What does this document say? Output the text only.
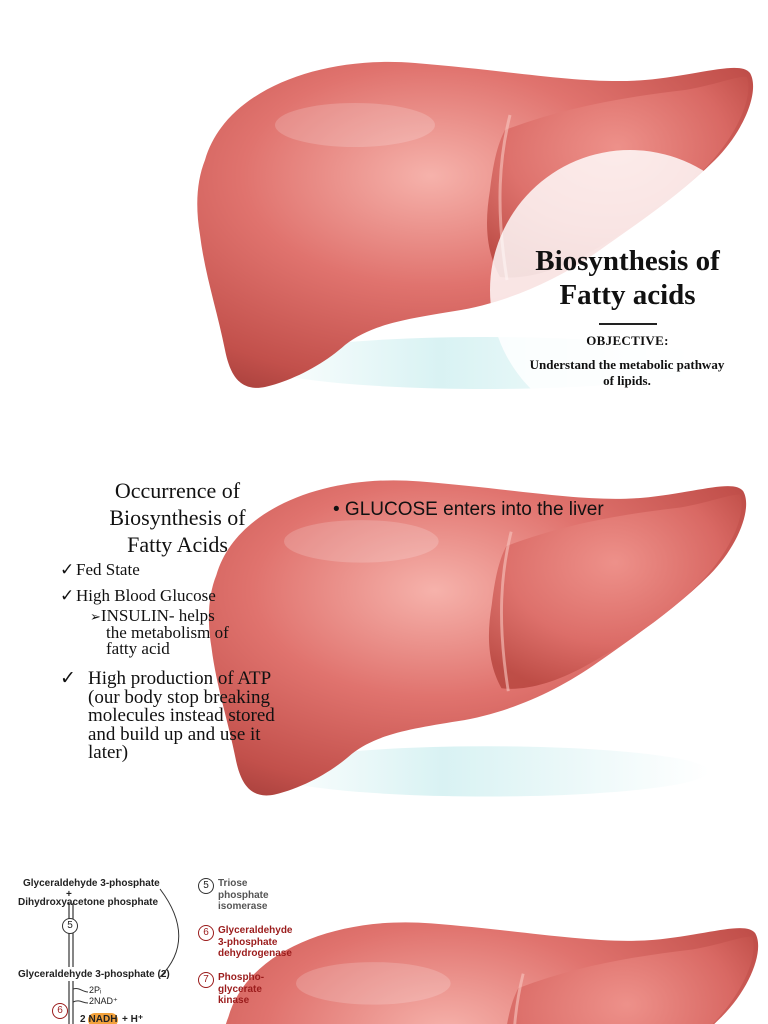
Biosynthesis of
Fatty acids
OBJECTIVE:
Understand the metabolic pathway
of lipids.
Occurrence of
Biosynthesis of
Fatty Acids
✓ Fed State
✓ High Blood Glucose
➢INSULIN- helps
the metabolism of
fatty acid
✓ High production of ATP (our body stop breaking molecules instead stored and build up and use it later)
• GLUCOSE enters into the liver
Glyceraldehyde 3-phosphate
+
Dihydroxyacetone phosphate
5
Glyceraldehyde 3-phosphate (2)
2Pᵢ
2NAD⁺
6
2 NADH + H⁺
5 Triose
phosphate
isomerase
6 Glyceraldehyde
3-phosphate
dehydrogenase
7 Phospho-
glycerate
kinase
